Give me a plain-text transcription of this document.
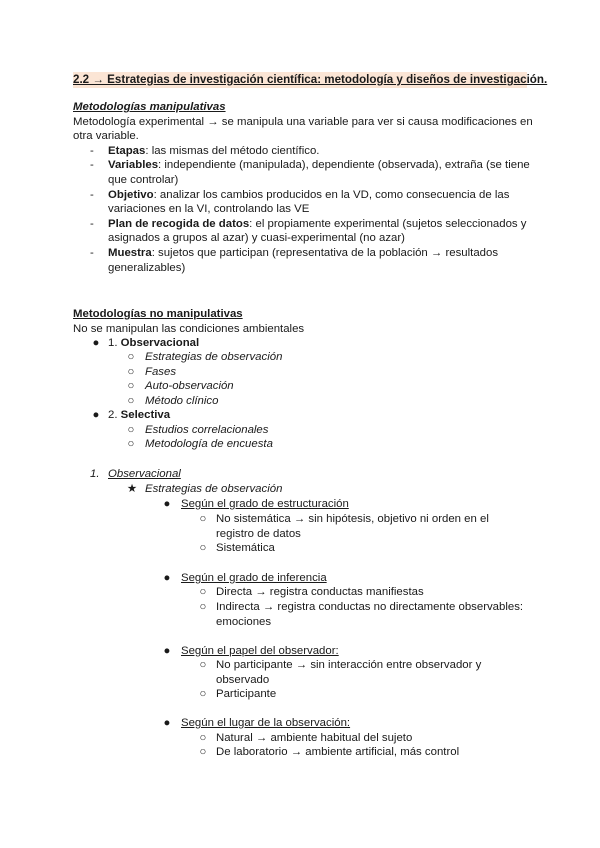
2.2 → Estrategias de investigación científica: metodología y diseños de investigación.
Metodologías manipulativas
Metodología experimental → se manipula una variable para ver si causa modificaciones en otra variable.
- Etapas: las mismas del método científico.
- Variables: independiente (manipulada), dependiente (observada), extraña (se tiene que controlar)
- Objetivo: analizar los cambios producidos en la VD, como consecuencia de las variaciones en la VI, controlando las VE
- Plan de recogida de datos: el propiamente experimental (sujetos seleccionados y asignados a grupos al azar) y cuasi-experimental (no azar)
- Muestra: sujetos que participan (representativa de la población → resultados generalizables)
Metodologías no manipulativas
No se manipulan las condiciones ambientales
● 1. Observacional
○ Estrategias de observación
○ Fases
○ Auto-observación
○ Método clínico
● 2. Selectiva
○ Estudios correlacionales
○ Metodología de encuesta
1. Observacional
★ Estrategias de observación
● Según el grado de estructuración
○ No sistemática → sin hipótesis, objetivo ni orden en el registro de datos
○ Sistemática
● Según el grado de inferencia
○ Directa → registra conductas manifiestas
○ Indirecta → registra conductas no directamente observables: emociones
● Según el papel del observador:
○ No participante → sin interacción entre observador y observado
○ Participante
● Según el lugar de la observación:
○ Natural → ambiente habitual del sujeto
○ De laboratorio → ambiente artificial, más control
